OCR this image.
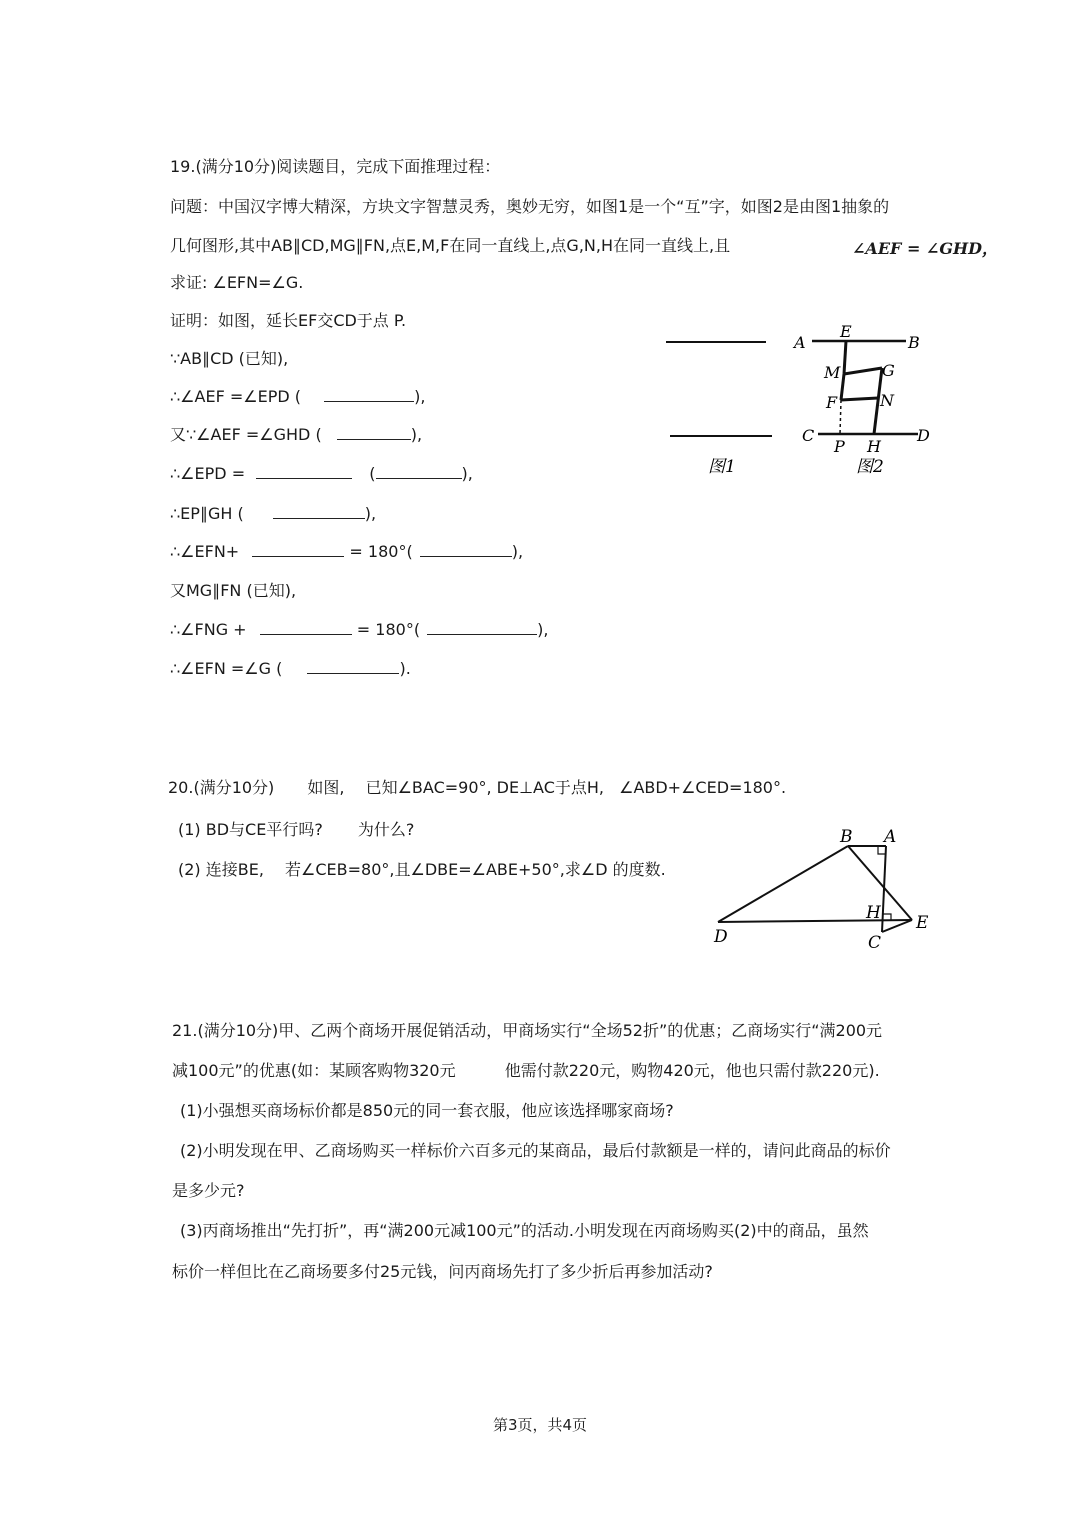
19.(满分10分)阅读题目，完成下面推理过程：
问题：中国汉字博大精深，方块文字智慧灵秀，奥妙无穷，如图1是一个“互”字，如图2是由图1抽象的
几何图形,其中AB∥CD,MG∥FN,点E,M,F在同一直线上,点G,N,H在同一直线上,且	∠AEF = ∠GHD，
求证: ∠EFN=∠G.
证明：如图，延长EF交CD于点 P.
∵AB∥CD (已知),
∴∠AEF =∠EPD (	),
又∵∠AEF =∠GHD (	),
∴∠EPD =	(	),
∴EP∥GH (	),
∴∠EFN+	= 180°(	),
又MG∥FN (已知),
∴∠FNG +	= 180°(	),
∴∠EFN =∠G (	).
图1
A
E
B
M	G
F	N
C
P H
D
图2
20.(满分10分) 如图, 已知∠BAC=90°, DE⊥AC于点H, ∠ABD+∠CED=180°.
(1) BD与CE平行吗? 为什么?
(2) 连接BE, 若∠CEB=80°,且∠DBE=∠ABE+50°,求∠D 的度数.
B A
H E
D	C
21.(满分10分)甲、乙两个商场开展促销活动，甲商场实行“全场52折”的优惠；乙商场实行“满200元
减100元”的优惠(如：某顾客购物320元	他需付款220元，购物420元，他也只需付款220元).
(1)小强想买商场标价都是850元的同一套衣服，他应该选择哪家商场?
(2)小明发现在甲、乙商场购买一样标价六百多元的某商品，最后付款额是一样的，请问此商品的标价
是多少元?
(3)丙商场推出“先打折”，再“满200元减100元”的活动.小明发现在丙商场购买(2)中的商品，虽然
标价一样但比在乙商场要多付25元钱，问丙商场先打了多少折后再参加活动?
第3页，共4页
